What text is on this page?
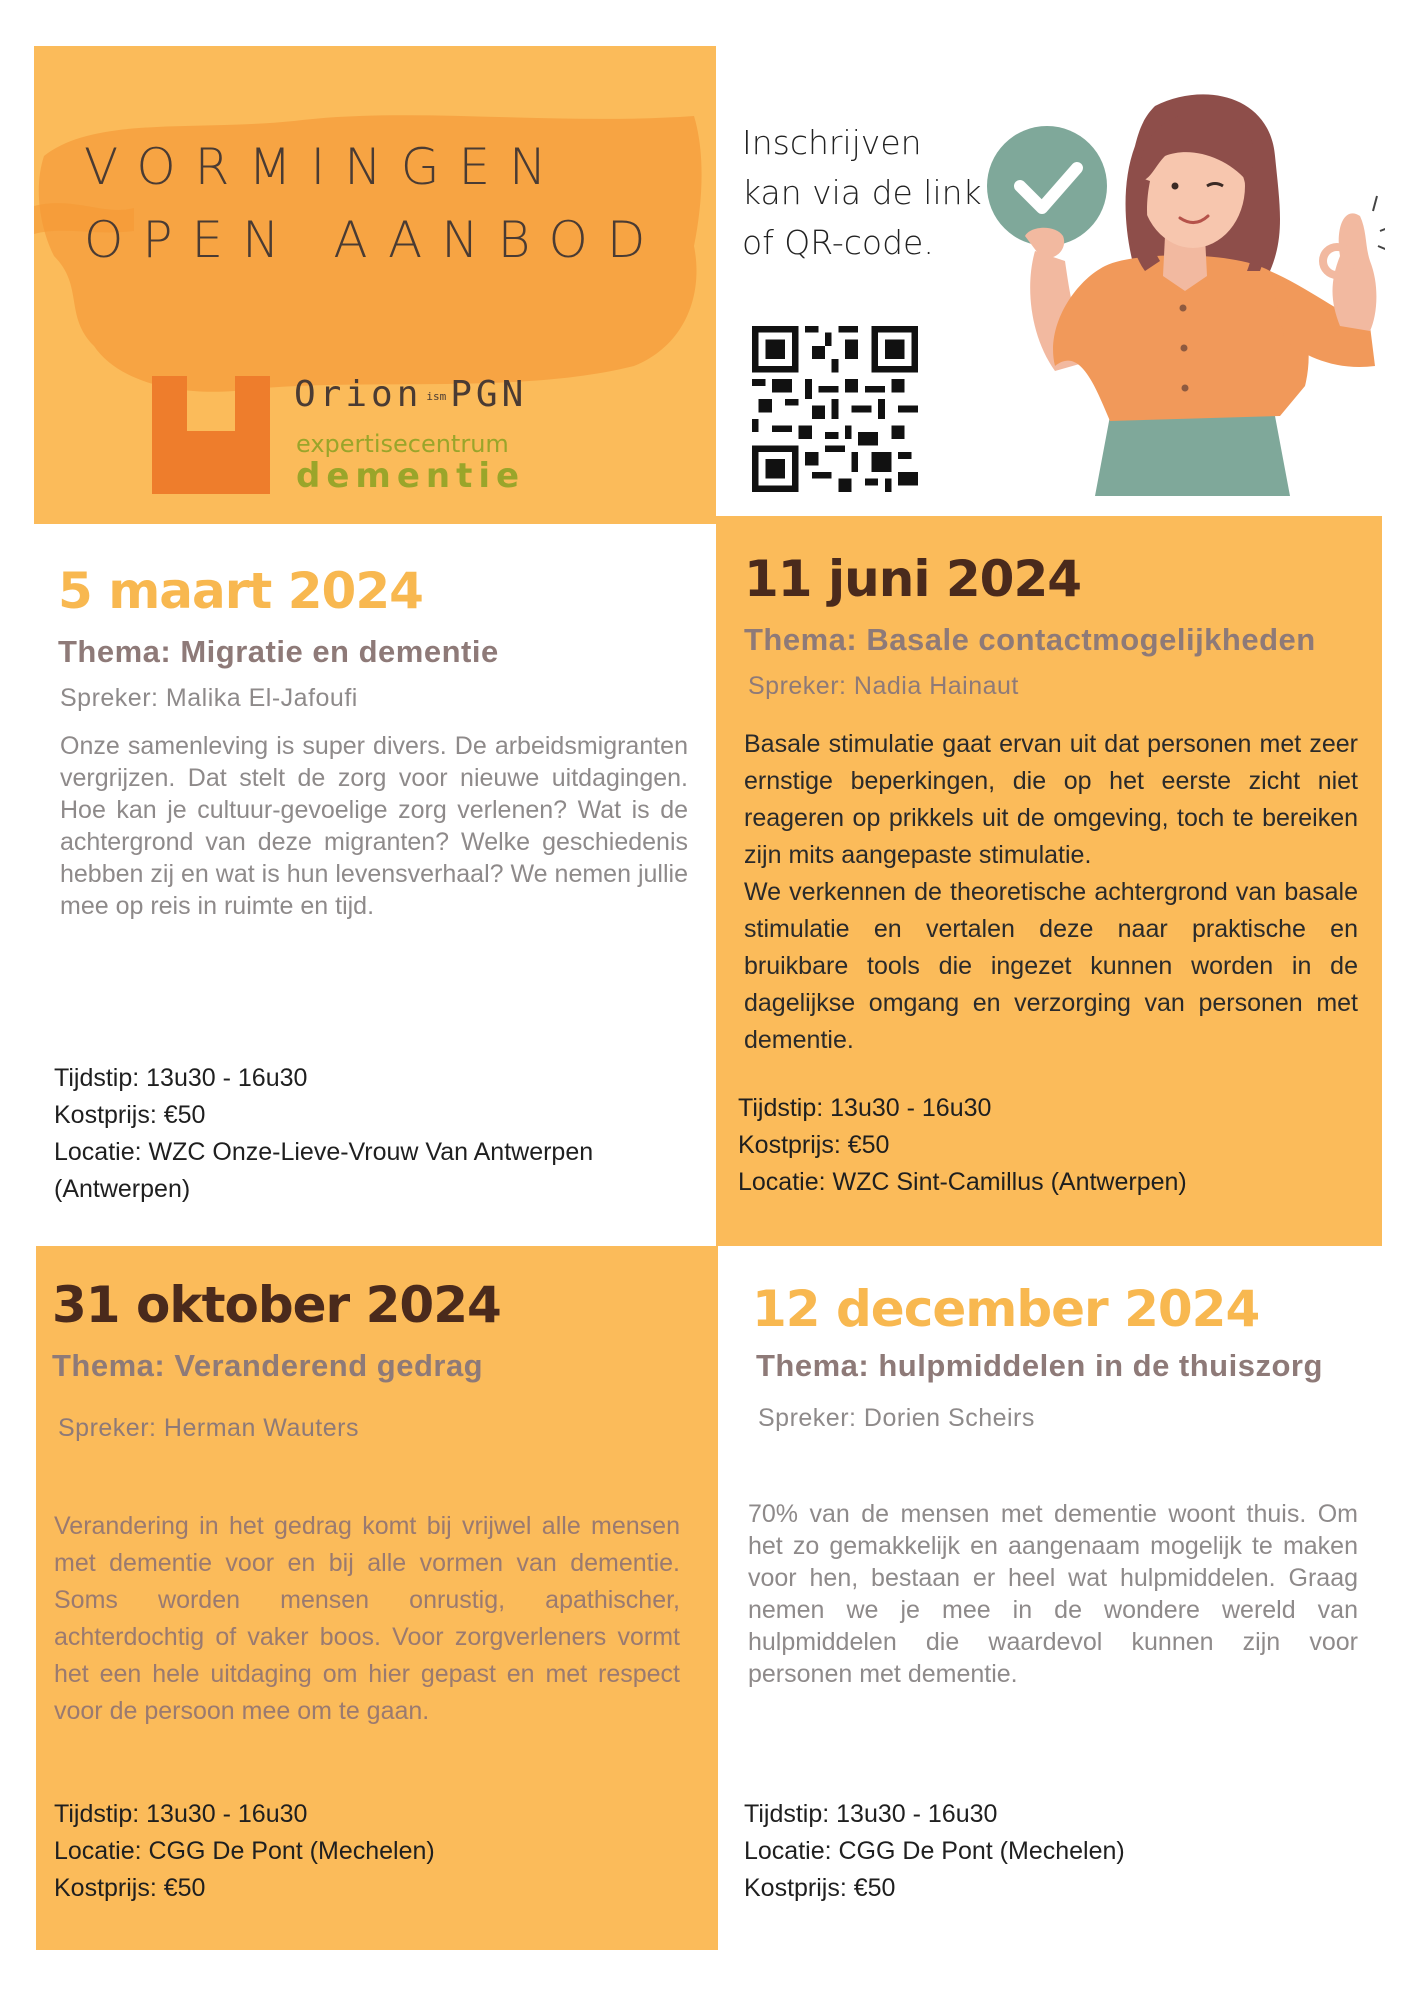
VORMINGEN
OPEN AANBOD
Orion ism PGN
expertisecentrum
dementie
Inschrijven
kan via de link
of QR-code.
5 maart 2024
Thema: Migratie en dementie
Spreker: Malika El-Jafoufi
Onze samenleving is super divers. De arbeidsmigranten vergrijzen. Dat stelt de zorg voor nieuwe uitdagingen. Hoe kan je cultuur-gevoelige zorg verlenen? Wat is de achtergrond van deze migranten? Welke geschiedenis hebben zij en wat is hun levensverhaal? We nemen jullie mee op reis in ruimte en tijd.

Tijdstip: 13u30 - 16u30

Kostprijs: €50

Locatie: WZC Onze-Lieve-Vrouw Van Antwerpen

(Antwerpen)

11 juni 2024
Thema: Basale contactmogelijkheden
Spreker: Nadia Hainaut
Basale stimulatie gaat ervan uit dat personen met zeer ernstige beperkingen, die op het eerste zicht niet reageren op prikkels uit de omgeving, toch te bereiken zijn mits aangepaste stimulatie.
We verkennen de theoretische achtergrond van basale stimulatie en vertalen deze naar praktische en bruikbare tools die ingezet kunnen worden in de dagelijkse omgang en verzorging van personen met dementie.

Tijdstip: 13u30 - 16u30

Kostprijs: €50

Locatie: WZC Sint-Camillus (Antwerpen)

31 oktober 2024
Thema: Veranderend gedrag
Spreker: Herman Wauters
Verandering in het gedrag komt bij vrijwel alle mensen met dementie voor en bij alle vormen van dementie. Soms worden mensen onrustig, apathischer, achterdochtig of vaker boos. Voor zorgverleners vormt het een hele uitdaging om hier gepast en met respect voor de persoon mee om te gaan.

Tijdstip: 13u30 - 16u30

Locatie: CGG De Pont (Mechelen)

Kostprijs: €50

12 december 2024
Thema: hulpmiddelen in de thuiszorg
Spreker: Dorien Scheirs
70% van de mensen met dementie woont thuis. Om het zo gemakkelijk en aangenaam mogelijk te maken voor hen, bestaan er heel wat hulpmiddelen. Graag nemen we je mee in de wondere wereld van hulpmiddelen die waardevol kunnen zijn voor personen met dementie.

Tijdstip: 13u30 - 16u30

Locatie: CGG De Pont (Mechelen)

Kostprijs: €50
